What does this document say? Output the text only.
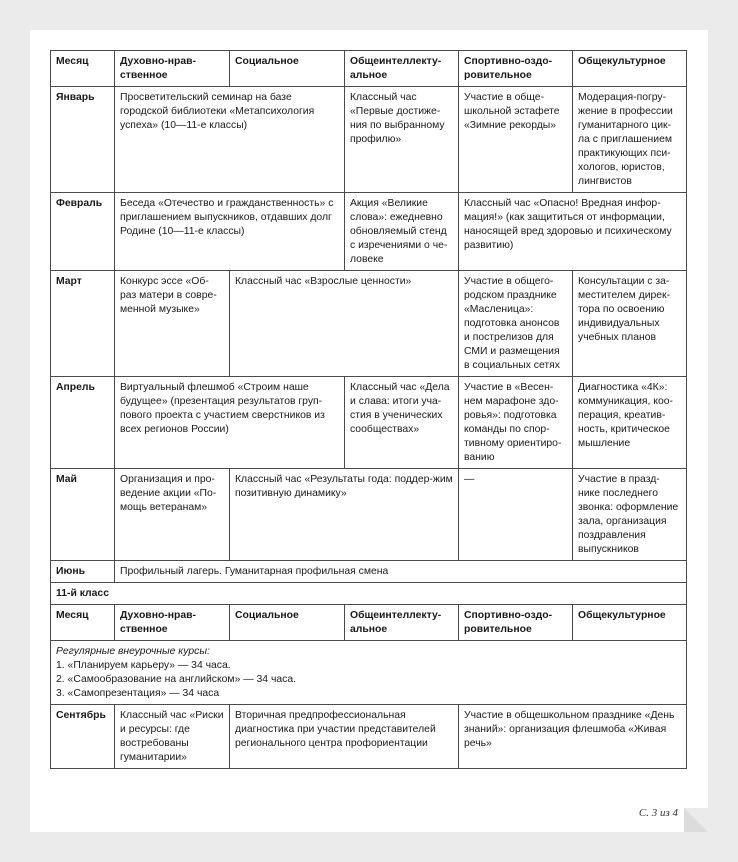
Месяц	Духовно-нрав-ственное	Социальное	Общеинтеллекту-альное	Спортивно-оздо-ровительное	Общекультурное
Январь	Просветительский семинар на базе городской библиотеки «Метапсихология успеха» (10—11-е классы)		Классный час «Первые достиже-ния по выбранному профилю»	Участие в обще-школьной эстафете «Зимние рекорды»	Модерация-погру-жение в профессии гуманитарного цик-ла с приглашением практикующих пси-хологов, юристов, лингвистов
Февраль	Беседа «Отечество и гражданственность» с приглашением выпускников, отдавших долг Родине (10—11-е классы)		Акция «Великие слова»: ежедневно обновляемый стенд с изречениями о че-ловеке	Классный час «Опасно! Вредная инфор-мация!» (как защититься от информации, наносящей вред здоровью и психическому развитию)	
Март	Конкурс эссе «Об-раз матери в совре-менной музыке»	Классный час «Взрослые ценности»		Участие в общего-родском празднике «Масленица»: подготовка анонсов и пострелизов для СМИ и размещения в социальных сетях	Консультации с за-местителем дирек-тора по освоению индивидуальных учебных планов
Апрель	Виртуальный флешмоб «Строим наше будущее» (презентация результатов груп-пового проекта с участием сверстников из всех регионов России)		Классный час «Дела и слава: итоги уча-стия в ученических сообществах»	Участие в «Весен-нем марафоне здо-ровья»: подготовка команды по спор-тивному ориентиро-ванию	Диагностика «4К»: коммуникация, коо-перация, креатив-ность, критическое мышление
Май	Организация и про-ведение акции «По-мощь ветеранам»	Классный час «Результаты года: поддер-жим позитивную динамику»		—	Участие в празд-нике последнего звонка: оформление зала, организация поздравления выпускников
Июнь	Профильный лагерь. Гуманитарная профильная смена				
11-й класс					
Месяц	Духовно-нрав-ственное	Социальное	Общеинтеллекту-альное	Спортивно-оздо-ровительное	Общекультурное

Регулярные внеурочные курсы:
1. «Планируем карьеру» — 34 часа.
2. «Самообразование на английском» — 34 часа.
3. «Самопрезентация» — 34 часа					

Сентябрь	Классный час «Риски и ресурсы: где востребованы гуманитарии»	Вторичная предпрофессиональная диагностика при участии представителей регионального центра профориентации		Участие в общешкольном празднике «День знаний»: организация флешмоба «Живая речь»	
С. 3 из 4
